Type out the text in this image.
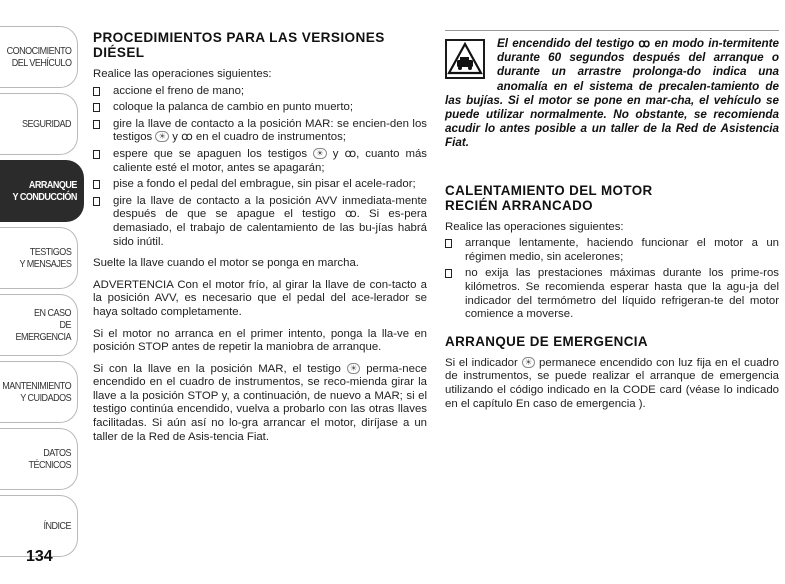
CONOCIMIENTO
DEL VEHÍCULO
SEGURIDAD
ARRANQUE
Y CONDUCCIÓN
TESTIGOS
Y MENSAJES
EN CASO
DE EMERGENCIA
MANTENIMIENTO
Y CUIDADOS
DATOS TÉCNICOS
ÍNDICE
134
PROCEDIMIENTOS PARA LAS VERSIONES
DIÉSEL

Realice las operaciones siguientes:

accione el freno de mano;
coloque la palanca de cambio en punto muerto;
gire la llave de contacto a la posición MAR: se encien-den los testigos ☀ y ꝏ en el cuadro de instrumentos;
espere que se apaguen los testigos ☀ y ꝏ, cuanto más caliente esté el motor, antes se apagarán;
pise a fondo el pedal del embrague, sin pisar el acele-rador;
gire la llave de contacto a la posición AVV inmediata-mente después de que se apague el testigo ꝏ. Si es-pera demasiado, el trabajo de calentamiento de las bu-jías habrá sido inútil.

Suelte la llave cuando el motor se ponga en marcha.

ADVERTENCIA Con el motor frío, al girar la llave de con-tacto a la posición AVV, es necesario que el pedal del ace-lerador se haya soltado completamente.

Si el motor no arranca en el primer intento, ponga la lla-ve en posición STOP antes de repetir la maniobra de arranque.

Si con la llave en la posición MAR, el testigo ☀ perma-nece encendido en el cuadro de instrumentos, se reco-mienda girar la llave a la posición STOP y, a continuación, de nuevo a MAR; si el testigo continúa encendido, vuelva a probarlo con las otras llaves facilitadas. Si aún así no lo-gra arrancar el motor, diríjase a un taller de la Red de Asis-tencia Fiat.

El encendido del testigo ꝏ en modo in-termitente durante 60 segundos después del arranque o durante un arrastre prolonga-do indica una anomalía en el sistema de precalen-tamiento de las bujías. Si el motor se pone en mar-cha, el vehículo se puede utilizar normalmente. No obstante, se recomienda acudir lo antes posible a un taller de la Red de Asistencia Fiat.
CALENTAMIENTO DEL MOTOR
RECIÉN ARRANCADO

Realice las operaciones siguientes:

arranque lentamente, haciendo funcionar el motor a un régimen medio, sin acelerones;
no exija las prestaciones máximas durante los prime-ros kilómetros. Se recomienda esperar hasta que la agu-ja del indicador del termómetro del líquido refrigeran-te del motor comience a moverse.
ARRANQUE DE EMERGENCIA

Si el indicador ☀ permanece encendido con luz fija en el cuadro de instrumentos, se puede realizar el arranque de emergencia utilizando el código indicado en la CODE card (véase lo indicado en el capítulo En caso de emergencia ).
